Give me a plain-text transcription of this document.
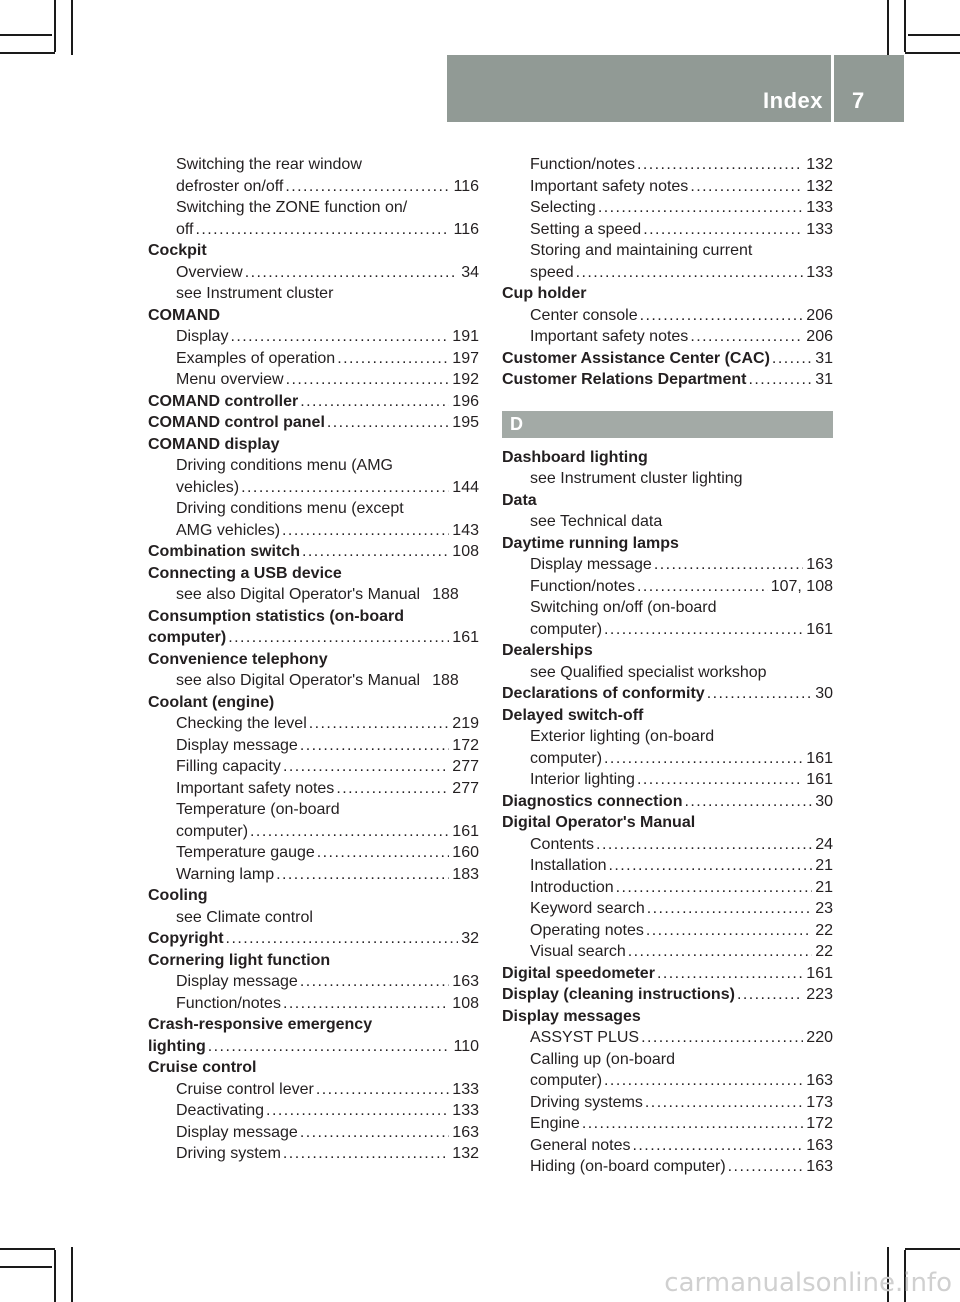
Index 7
Switching the rear window
defroster on/off . . .	116
Switching the ZONE function on/
off . . .	116
Cockpit
Overview . . .	34
see Instrument cluster
COMAND
Display . . .	191
Examples of operation . . .	197
Menu overview . . .	192
COMAND controller . . .	196
COMAND control panel . . .	195
COMAND display
Driving conditions menu (AMG
vehicles) . . .	144
Driving conditions menu (except
AMG vehicles) . . .	143
Combination switch . . .	108
Connecting a USB device
see also Digital Operator's Manual 188
Consumption statistics (on-board
computer) . . .	161
Convenience telephony
see also Digital Operator's Manual 188
Coolant (engine)
Checking the level . . .	219
Display message . . .	172
Filling capacity . . .	277
Important safety notes . . .	277
Temperature (on-board
computer) . . .	161
Temperature gauge . . .	160
Warning lamp . . .	183
Cooling
see Climate control
Copyright . . .	32
Cornering light function
Display message . . .	163
Function/notes . . .	108
Crash-responsive emergency
lighting . . .	110
Cruise control
Cruise control lever . . .	133
Deactivating . . .	133
Display message . . .	163
Driving system . . .	132
Function/notes . . .	132
Important safety notes . . .	132
Selecting . . .	133
Setting a speed . . .	133
Storing and maintaining current
speed . . .	133
Cup holder
Center console . . .	206
Important safety notes . . .	206
Customer Assistance Center (CAC) . . .	31
Customer Relations Department . . .	31
D
Dashboard lighting
see Instrument cluster lighting
Data
see Technical data
Daytime running lamps
Display message . . .	163
Function/notes . . .	107, 108
Switching on/off (on-board
computer) . . .	161
Dealerships
see Qualified specialist workshop
Declarations of conformity . . .	30
Delayed switch-off
Exterior lighting (on-board
computer) . . .	161
Interior lighting . . .	161
Diagnostics connection . . .	30
Digital Operator's Manual
Contents . . .	24
Installation . . .	21
Introduction . . .	21
Keyword search . . .	23
Operating notes . . .	22
Visual search . . .	22
Digital speedometer . . .	161
Display (cleaning instructions) . . .	223
Display messages
ASSYST PLUS . . .	220
Calling up (on-board
computer) . . .	163
Driving systems . . .	173
Engine . . .	172
General notes . . .	163
Hiding (on-board computer) . . .	163
carmanualsonline.info
